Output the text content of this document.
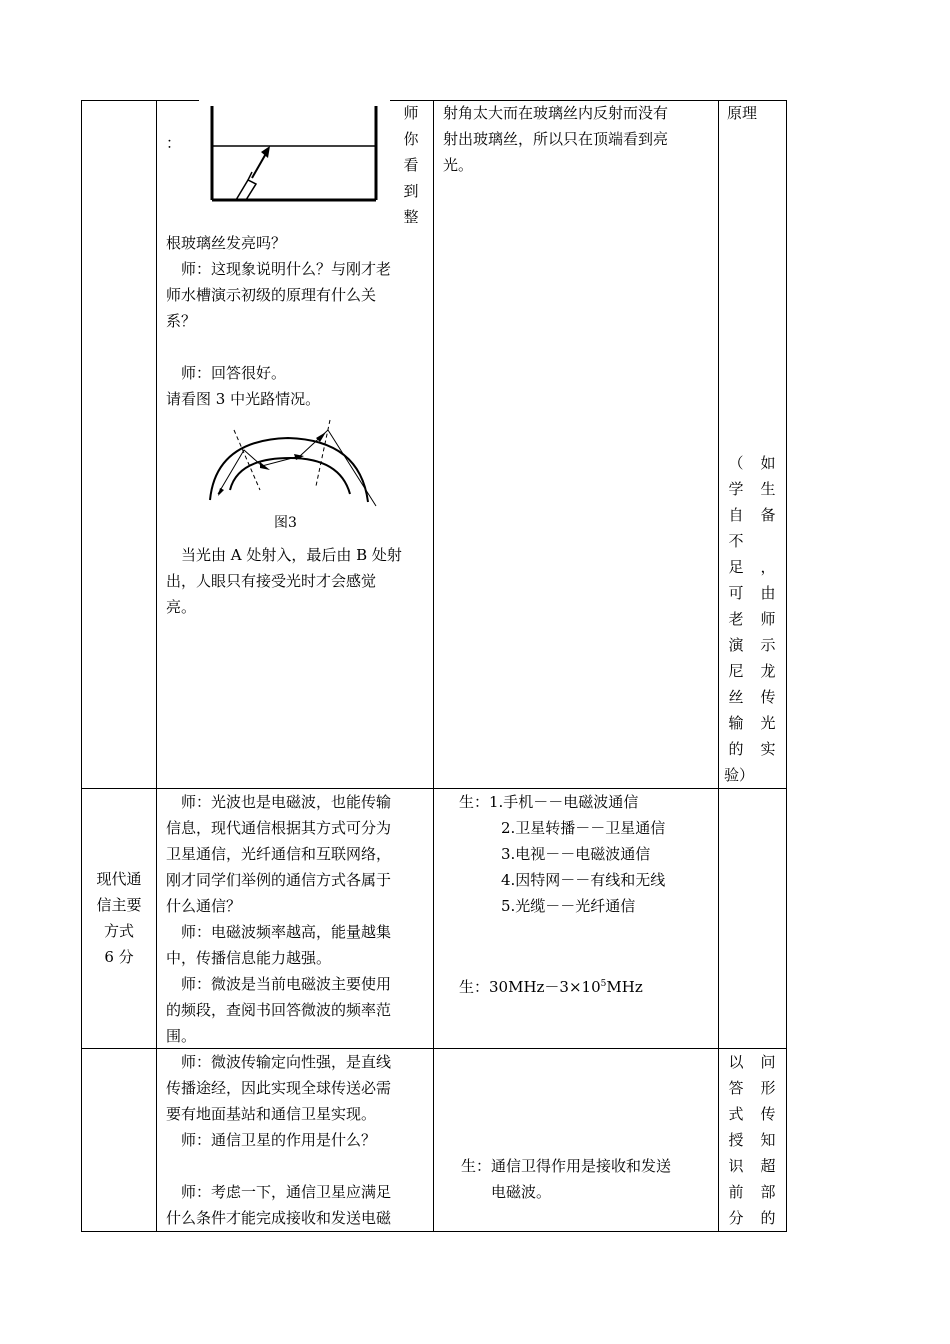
：
师
你
看
到
整
根玻璃丝发亮吗？
　师：这现象说明什么？与刚才老
师水槽演示初级的原理有什么关
系？
　师：回答很好。
请看图 3 中光路情况。
图3
　当光由 A 处射入，最后由 B 处射
出，人眼只有接受光时才会感觉
亮。
射角太大而在玻璃丝内反射而没有
射出玻璃丝，所以只在顶端看到亮
光。
原理
（
学
自
不
足
可
老
演
尼
丝
输
的
验）
如
生
备
，
由
师
示
龙
传
光
实
现代通
信主要
方式
6 分
　师：光波也是电磁波，也能传输
信息，现代通信根据其方式可分为
卫星通信，光纤通信和互联网络，
刚才同学们举例的通信方式各属于
什么通信？
　师：电磁波频率越高，能量越集
中，传播信息能力越强。
　师：微波是当前电磁波主要使用
的频段，查阅书回答微波的频率范
围。
生：1.手机－－电磁波通信
2.卫星转播－－卫星通信
3.电视－－电磁波通信
4.因特网－－有线和无线
5.光缆－－光纤通信
生：$30MHz-3\times 10^5MHz$
　师：微波传输定向性强，是直线
传播途经，因此实现全球传送必需
要有地面基站和通信卫星实现。
　师：通信卫星的作用是什么？
　师：考虑一下，通信卫星应满足
什么条件才能完成接收和发送电磁
生：通信卫得作用是接收和发送
　　电磁波。
以
答
式
授
识
前
分
问
形
传
知
超
部
的
